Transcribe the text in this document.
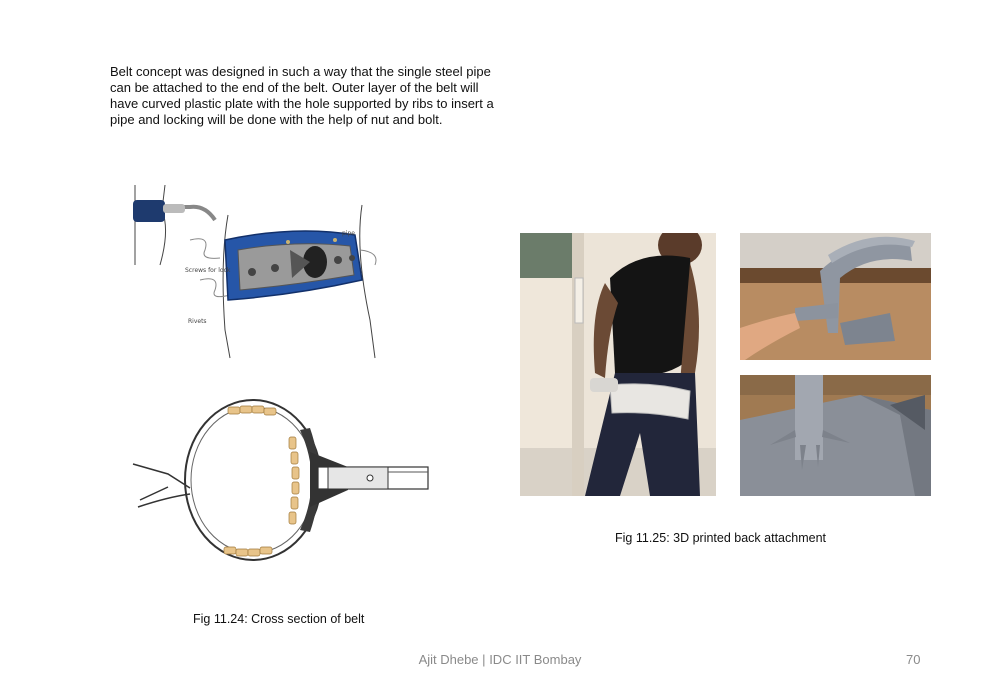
Belt concept was designed in such a way that the single steel pipe can be attached to the end of the belt. Outer layer of the belt will have curved plastic plate with the hole supported by ribs to insert a pipe and locking will be done with the help of nut and bolt.
pipe
Screws for lock
Rivets
Fig 11.24: Cross section of belt
Fig 11.25: 3D printed back attachment
Ajit Dhebe | IDC IIT Bombay	70
